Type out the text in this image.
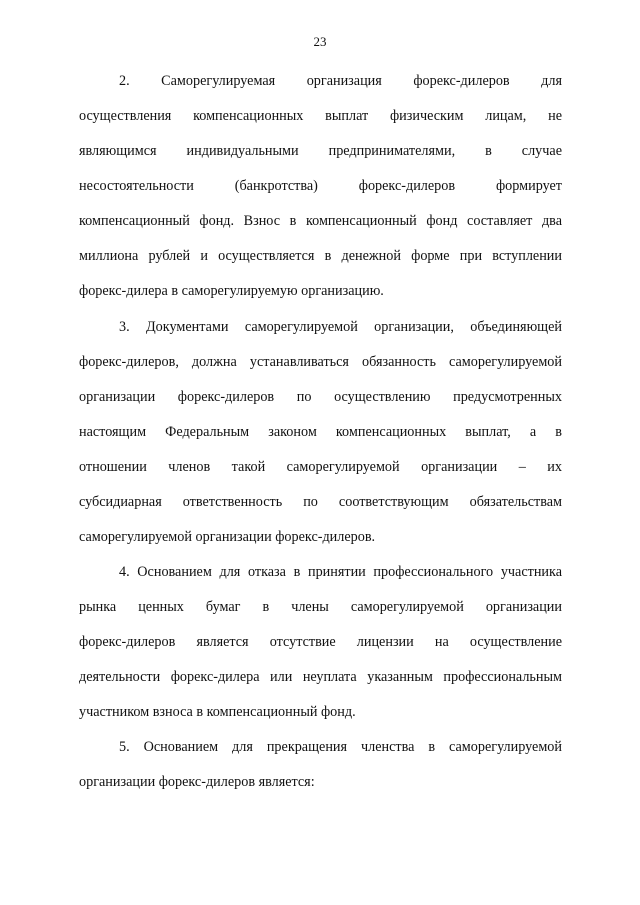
23
2. Саморегулируемая организация форекс-дилеров для
осуществления компенсационных выплат физическим лицам, не
являющимся индивидуальными предпринимателями, в случае
несостоятельности (банкротства) форекс-дилеров формирует
компенсационный фонд. Взнос в компенсационный фонд составляет два
миллиона рублей и осуществляется в денежной форме при вступлении
форекс-дилера в саморегулируемую организацию.
3. Документами саморегулируемой организации, объединяющей
форекс-дилеров, должна устанавливаться обязанность саморегулируемой
организации форекс-дилеров по осуществлению предусмотренных
настоящим Федеральным законом компенсационных выплат, а в
отношении членов такой саморегулируемой организации – их
субсидиарная ответственность по соответствующим обязательствам
саморегулируемой организации форекс-дилеров.
4. Основанием для отказа в принятии профессионального участника
рынка ценных бумаг в члены саморегулируемой организации
форекс-дилеров является отсутствие лицензии на осуществление
деятельности форекс-дилера или неуплата указанным профессиональным
участником взноса в компенсационный фонд.
5. Основанием для прекращения членства в саморегулируемой
организации форекс-дилеров является:
